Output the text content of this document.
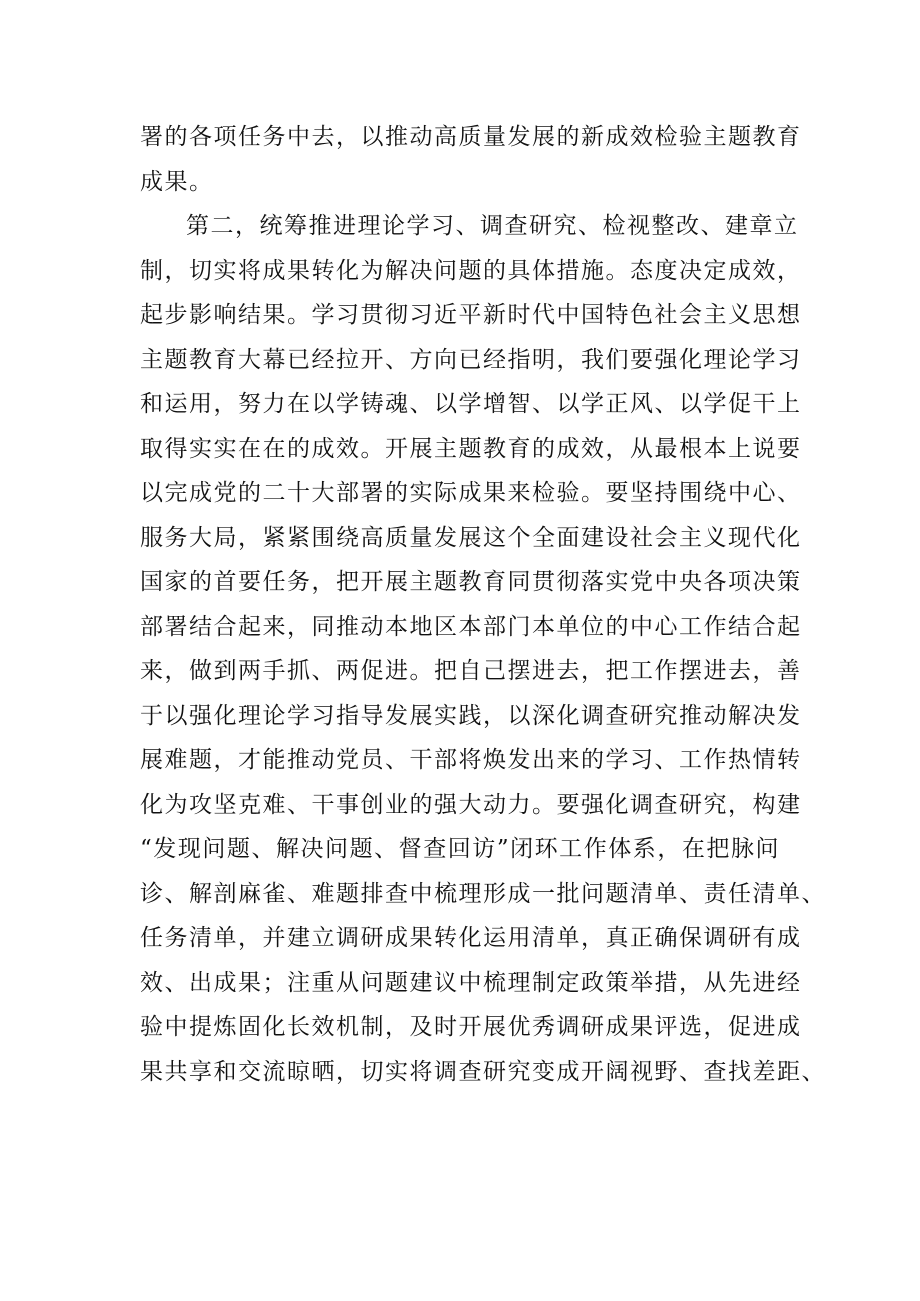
署的各项任务中去，以推动高质量发展的新成效检验主题教育
成果。
第二，统筹推进理论学习、调查研究、检视整改、建章立
制，切实将成果转化为解决问题的具体措施。态度决定成效，
起步影响结果。学习贯彻习近平新时代中国特色社会主义思想
主题教育大幕已经拉开、方向已经指明，我们要强化理论学习
和运用，努力在以学铸魂、以学增智、以学正风、以学促干上
取得实实在在的成效。开展主题教育的成效，从最根本上说要
以完成党的二十大部署的实际成果来检验。要坚持围绕中心、
服务大局，紧紧围绕高质量发展这个全面建设社会主义现代化
国家的首要任务，把开展主题教育同贯彻落实党中央各项决策
部署结合起来，同推动本地区本部门本单位的中心工作结合起
来，做到两手抓、两促进。把自己摆进去，把工作摆进去，善
于以强化理论学习指导发展实践，以深化调查研究推动解决发
展难题，才能推动党员、干部将焕发出来的学习、工作热情转
化为攻坚克难、干事创业的强大动力。要强化调查研究，构建
“发现问题、解决问题、督查回访”闭环工作体系，在把脉问
诊、解剖麻雀、难题排查中梳理形成一批问题清单、责任清单、
任务清单，并建立调研成果转化运用清单，真正确保调研有成
效、出成果；注重从问题建议中梳理制定政策举措，从先进经
验中提炼固化长效机制，及时开展优秀调研成果评选，促进成
果共享和交流晾晒，切实将调查研究变成开阔视野、查找差距、
